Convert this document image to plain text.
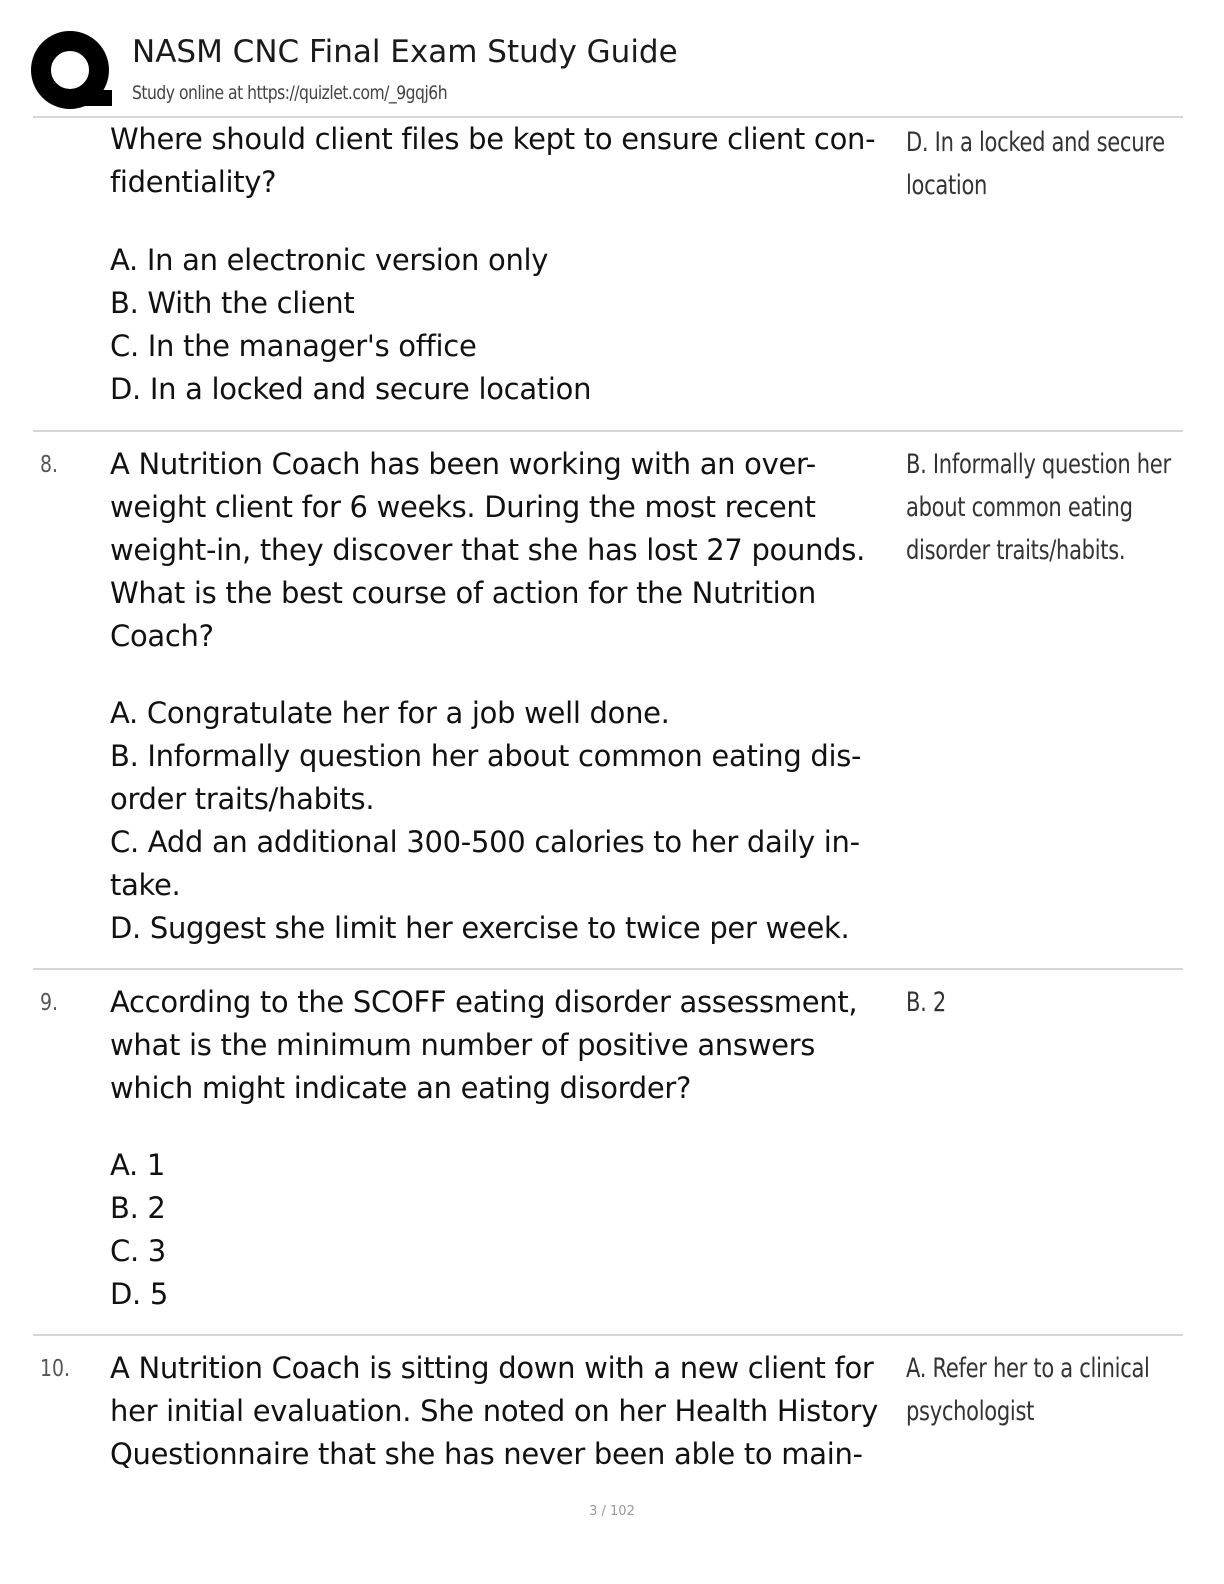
NASM CNC Final Exam Study Guide
Study online at https://quizlet.com/_9gqj6h
Where should client files be kept to ensure client con-
fidentiality?
A. In an electronic version only
B. With the client
C. In the manager's office
D. In a locked and secure location
D. In a locked and secure
location
8. A Nutrition Coach has been working with an over-
weight client for 6 weeks. During the most recent
weight-in, they discover that she has lost 27 pounds.
What is the best course of action for the Nutrition
Coach?
A. Congratulate her for a job well done.
B. Informally question her about common eating dis-
order traits/habits.
C. Add an additional 300-500 calories to her daily in-
take.
D. Suggest she limit her exercise to twice per week.
B. Informally question her
about common eating
disorder traits/habits.
9. According to the SCOFF eating disorder assessment,
what is the minimum number of positive answers
which might indicate an eating disorder?
A. 1
B. 2
C. 3
D. 5
B. 2
10. A Nutrition Coach is sitting down with a new client for
her initial evaluation. She noted on her Health History
Questionnaire that she has never been able to main-
A. Refer her to a clinical
psychologist
3 / 102
